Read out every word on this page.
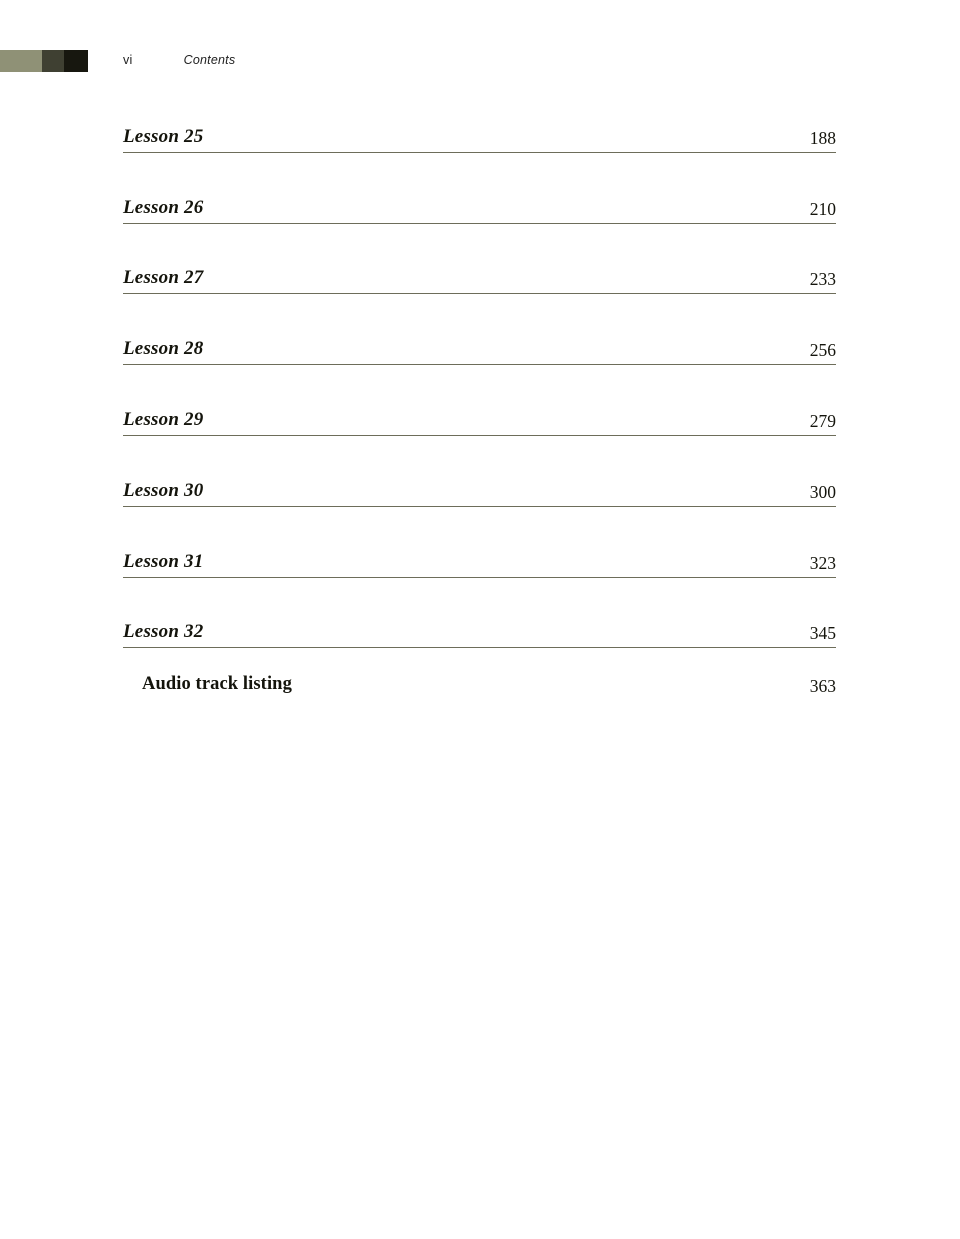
vi	Contents
Lesson 25	188
Lesson 26	210
Lesson 27	233
Lesson 28	256
Lesson 29	279
Lesson 30	300
Lesson 31	323
Lesson 32	345
Audio track listing	363
